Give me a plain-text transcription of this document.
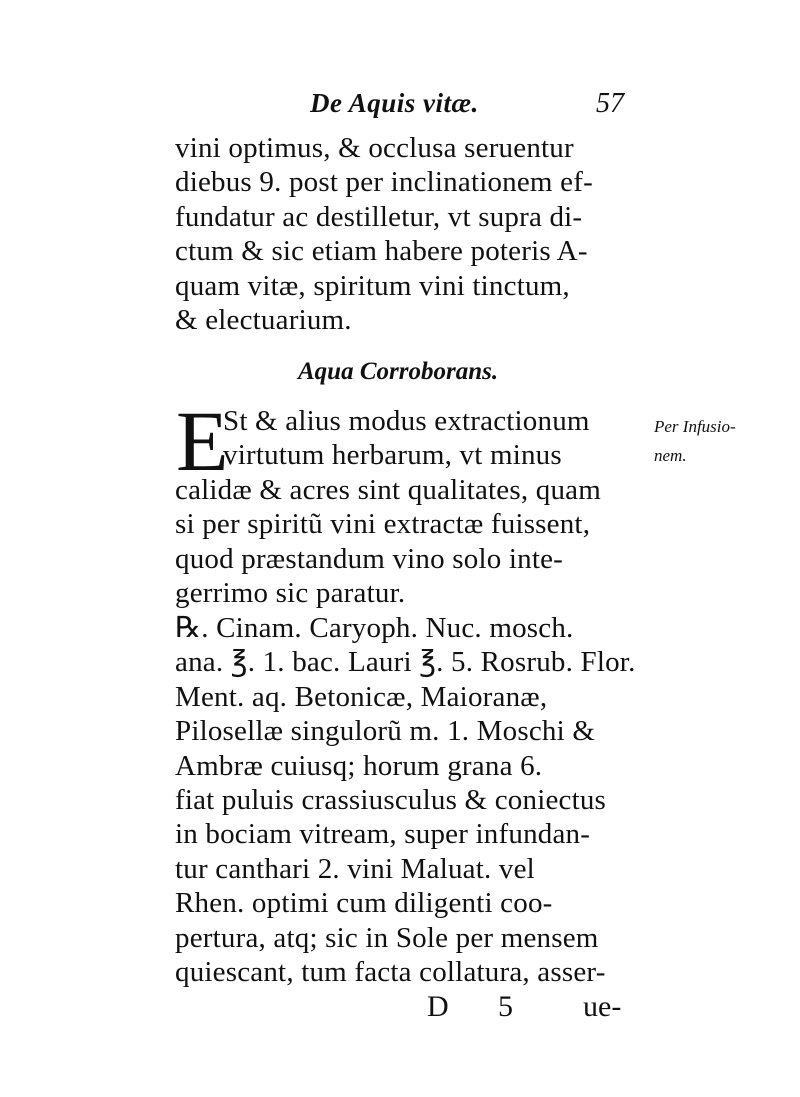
De Aquis vitæ.	57
vini optimus, & occlusa seruentur
diebus 9. post per inclinationem ef-
fundatur ac destilletur, vt supra di-
ctum & sic etiam habere poteris A-
quam vitæ, spiritum vini tinctum,
& electuarium.
Aqua Corroborans.
E
St & alius modus extractionum
virtutum herbarum, vt minus
calidæ & acres sint qualitates, quam
si per spiritũ vini extractæ fuissent,
quod præstandum vino solo inte-
gerrimo sic paratur.
Per Infusio-
nem.
℞. Cinam. Caryoph. Nuc. mosch.
ana. ℥. 1. bac. Lauri ℥. 5. Rosrub. Flor.
Ment. aq. Betonicæ, Maioranæ,
Pilosellæ singulorũ m. 1. Moschi &
Ambræ cuiusq; horum grana 6.
fiat puluis crassiusculus & coniectus
in bociam vitream, super infundan-
tur canthari 2. vini Maluat. vel
Rhen. optimi cum diligenti coo-
pertura, atq; sic in Sole per mensem
quiescant, tum facta collatura, asser-
D 5 ue-
